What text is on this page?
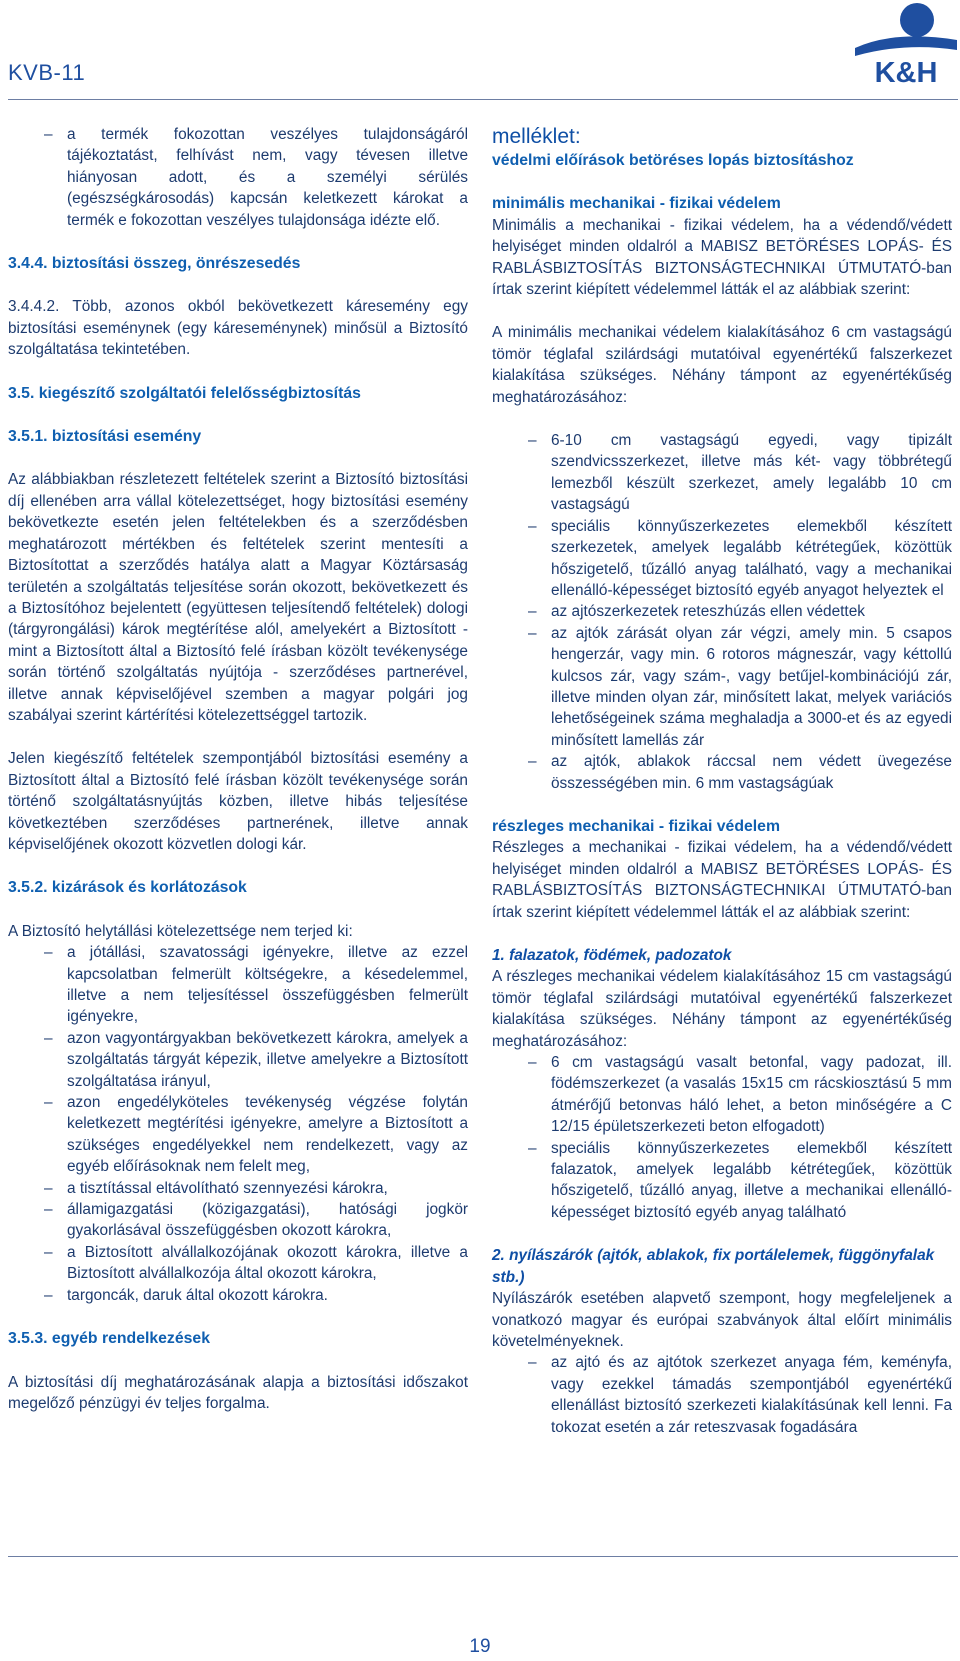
KVB-11	K&H
– a termék fokozottan veszélyes tulajdonságáról tájékoztatást, felhívást nem, vagy tévesen illetve hiányosan adott, és a személyi sérülés (egészségkárosodás) kapcsán keletkezett károkat a termék e fokozottan veszélyes tulajdonsága idézte elő.
3.4.4. biztosítási összeg, önrészesedés

3.4.4.2. Több, azonos okból bekövetkezett káresemény egy biztosítási eseménynek (egy káreseménynek) minősül a Biztosító szolgáltatása tekintetében.

3.5. kiegészítő szolgáltatói felelősségbiztosítás
3.5.1. biztosítási esemény

Az alábbiakban részletezett feltételek szerint a Biztosító biztosítási díj ellenében arra vállal kötelezettséget, hogy biztosítási esemény bekövetkezte esetén jelen feltételekben és a szerződésben meghatározott mértékben és feltételek szerint mentesíti a Biztosítottat a szerződés hatálya alatt a Magyar Köztársaság területén a szolgáltatás teljesítése során okozott, bekövetkezett és a Biztosítóhoz bejelentett (együttesen teljesítendő feltételek) dologi (tárgyrongálási) károk megtérítése alól, amelyekért a Biztosított - mint a Biztosított által a Biztosító felé írásban közölt tevékenysége során történő szolgáltatás nyújtója - szerződéses partnerével, illetve annak képviselőjével szemben a magyar polgári jog szabályai szerint kártérítési kötelezettséggel tartozik.

Jelen kiegészítő feltételek szempontjából biztosítási esemény a Biztosított által a Biztosító felé írásban közölt tevékenysége során történő szolgáltatásnyújtás közben, illetve hibás teljesítése következtében szerződéses partnerének, illetve annak képviselőjének okozott közvetlen dologi kár.

3.5.2. kizárások és korlátozások

A Biztosító helytállási kötelezettsége nem terjed ki:

– a jótállási, szavatossági igényekre, illetve az ezzel kapcsolatban felmerült költségekre, a késedelemmel, illetve a nem teljesítéssel összefüggésben felmerült igényekre,
– azon vagyontárgyakban bekövetkezett károkra, amelyek a szolgáltatás tárgyát képezik, illetve amelyekre a Biztosított szolgáltatása irányul,
– azon engedélyköteles tevékenység végzése folytán keletkezett megtérítési igényekre, amelyre a Biztosított a szükséges engedélyekkel nem rendelkezett, vagy az egyéb előírásoknak nem felelt meg,
– a tisztítással eltávolítható szennyezési károkra,
– államigazgatási (közigazgatási), hatósági jogkör gyakorlásával összefüggésben okozott károkra,
– a Biztosított alvállalkozójának okozott károkra, illetve a Biztosított alvállalkozója által okozott károkra,
– targoncák, daruk által okozott károkra.
3.5.3. egyéb rendelkezések

A biztosítási díj meghatározásának alapja a biztosítási időszakot megelőző pénzügyi év teljes forgalma.

melléklet:
védelmi előírások betöréses lopás biztosításhoz
minimális mechanikai - fizikai védelem

Minimális a mechanikai - fizikai védelem, ha a védendő/védett helyiséget minden oldalról a MABISZ BETÖRÉSES LOPÁS- ÉS RABLÁSBIZTOSÍTÁS BIZTONSÁGTECHNIKAI ÚTMUTATÓ-ban írtak szerint kiépített védelemmel látták el az alábbiak szerint:

A minimális mechanikai védelem kialakításához 6 cm vastagságú tömör téglafal szilárdsági mutatóival egyenértékű falszerkezet kialakítása szükséges. Néhány támpont az egyenértékűség meghatározásához:

– 6-10 cm vastagságú egyedi, vagy tipizált szendvicsszerkezet, illetve más két- vagy többrétegű lemezből készült szerkezet, amely legalább 10 cm vastagságú
– speciális könnyűszerkezetes elemekből készített szerkezetek, amelyek legalább kétrétegűek, közöttük hőszigetelő, tűzálló anyag található, vagy a mechanikai ellenálló-képességet biztosító egyéb anyagot helyeztek el
– az ajtószerkezetek reteszhúzás ellen védettek
– az ajtók zárását olyan zár végzi, amely min. 5 csapos hengerzár, vagy min. 6 rotoros mágneszár, vagy kéttollú kulcsos zár, vagy szám-, vagy betűjel-kombinációjú zár, illetve minden olyan zár, minősített lakat, melyek variációs lehetőségeinek száma meghaladja a 3000-et és az egyedi minősített lamellás zár
– az ajtók, ablakok ráccsal nem védett üvegezése összességében min. 6 mm vastagságúak
részleges mechanikai - fizikai védelem

Részleges a mechanikai - fizikai védelem, ha a védendő/védett helyiséget minden oldalról a MABISZ BETÖRÉSES LOPÁS- ÉS RABLÁSBIZTOSÍTÁS BIZTONSÁGTECHNIKAI ÚTMUTATÓ-ban írtak szerint kiépített védelemmel látták el az alábbiak szerint:

1. falazatok, födémek, padozatok

A részleges mechanikai védelem kialakításához 15 cm vastagságú tömör téglafal szilárdsági mutatóival egyenértékű falszerkezet kialakítása szükséges. Néhány támpont az egyenértékűség meghatározásához:

– 6 cm vastagságú vasalt betonfal, vagy padozat, ill. födémszerkezet (a vasalás 15x15 cm rácskiosztású 5 mm átmérőjű betonvas háló lehet, a beton minőségére a C 12/15 épületszerkezeti beton elfogadott)
– speciális könnyűszerkezetes elemekből készített falazatok, amelyek legalább kétrétegűek, közöttük hőszigetelő, tűzálló anyag, illetve a mechanikai ellenálló-képességet biztosító egyéb anyag található
2. nyílászárók (ajtók, ablakok, fix portálelemek, függönyfalak stb.)

Nyílászárók esetében alapvető szempont, hogy megfeleljenek a vonatkozó magyar és európai szabványok által előírt minimális követelményeknek.

– az ajtó és az ajtótok szerkezet anyaga fém, keményfa, vagy ezekkel támadás szempontjából egyenértékű ellenállást biztosító szerkezeti kialakításúnak kell lenni. Fa tokozat esetén a zár reteszvasak fogadására
19
